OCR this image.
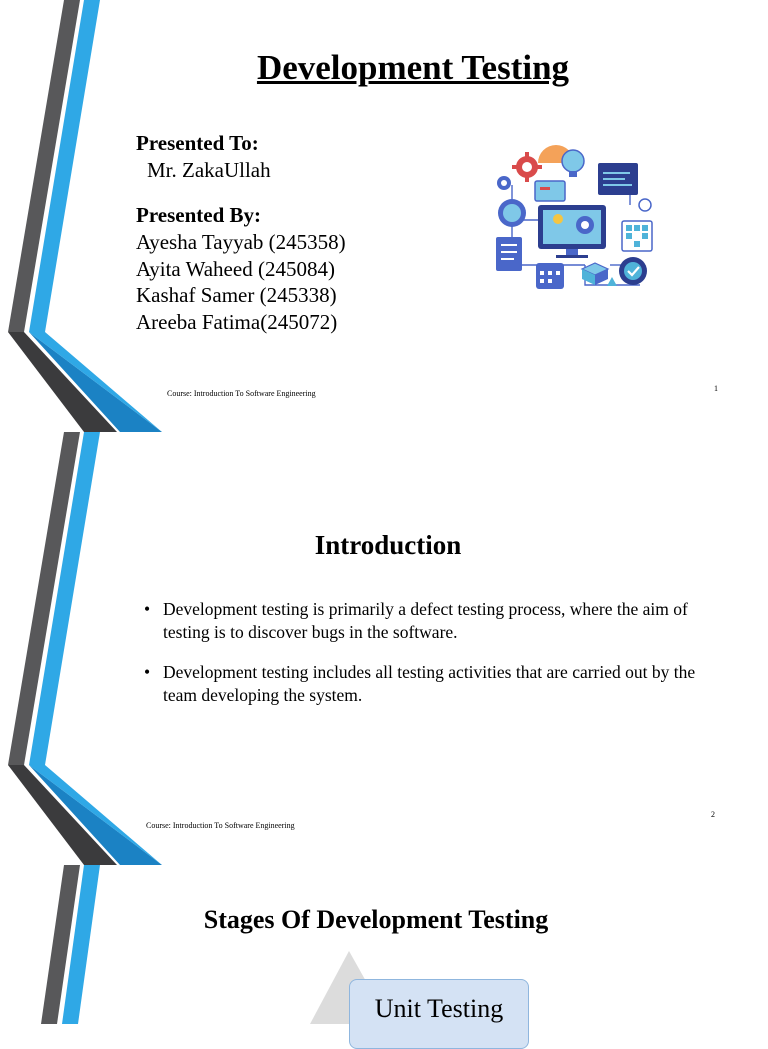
Development Testing
Presented To:
Mr. ZakaUllah
Presented By:
Ayesha Tayyab (245358)
Ayita Waheed (245084)
Kashaf Samer (245338)
Areeba Fatima(245072)
Course: Introduction To Software Engineering
1
Introduction
• Development testing is primarily a defect testing process, where the aim of testing is to discover bugs in the software.
• Development testing includes all testing activities that are carried out by the team developing the system.
Course: Introduction To Software Engineering
2
Stages Of Development Testing
Unit Testing
